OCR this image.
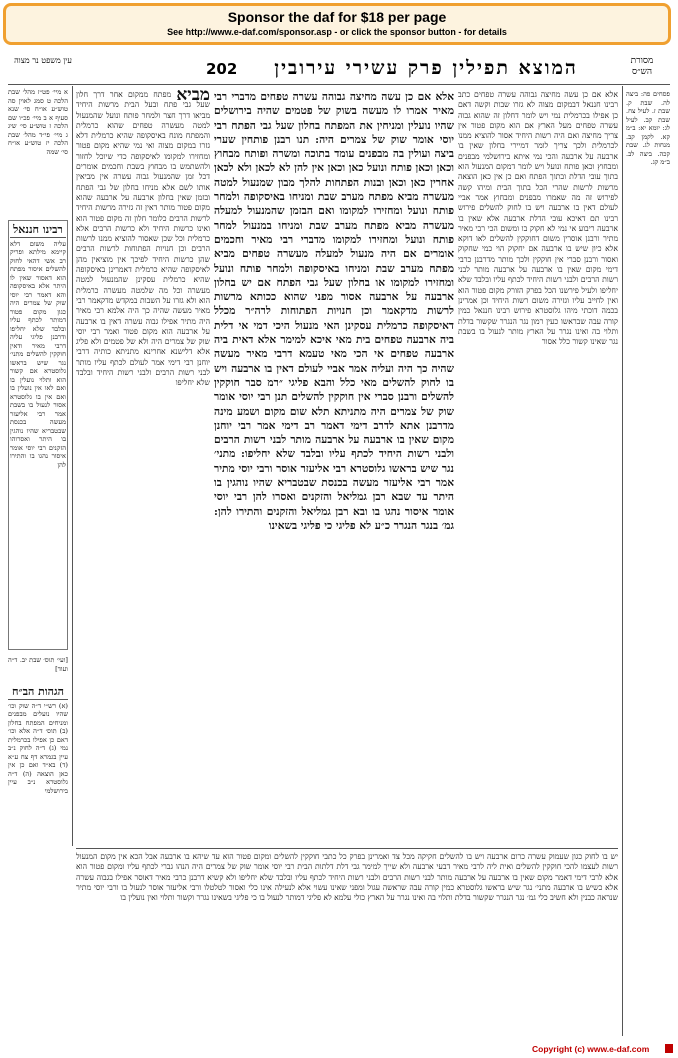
Sponsor the daf for $18 per page
See http://www.e-daf.com/sponsor.asp - or click the sponsor button - for details
עין משפט נר מצוה	202	המוצא תפילין פרק עשירי עירובין	מסורת הש״ס
א מיי׳ פט״ז מהל׳ שבת הלכה ט סמג לאוין סה טוש״ע או״ח סי׳ שנא סעיף א ב מיי׳ פכ״ו שם הלכה ז טוש״ע סי׳ שיג ג מיי׳ פי״ד מהל׳ שבת הלכה יז טוש״ע או״ח סי׳ שמה
רבינו חננאל
עליה משום דלא קיימא מילתא ופריק רב אשי דהאי לחוק להשלים איסור מפתח הוא דאסור שאין לו היתר אלא באיסקופה והא דאמר רבי יוסי שוק של צמרים היה כגון מקום פטור דמותר לכתף עליו ובלבד שלא יחליפו ודרבנן פליגי עליה דרבי מאיר ודאין חוקקין להשלים מתני׳ נגר שיש בראשו גלוסטרא אם קשור הוא ותלוי נועלין בו ואם לאו אין נועלין בו ואם אין בו גלוסטרא אסור לנעול בו בשבת אמר רבי אליעזר מעשה בכנסת שבטבריא שהיו נוהגין בו היתר ואסרוהו הזקנים רבי יוסי אומר איסור נהגו בו והתירו להן
[ועי׳ תוס׳ שבת יב. ד״ה ועוד]
הגהות הב״ח
(א) רש״י ד״ה שוק וכו׳ שהיו נועלים מבפנים ומניחים המפתח בחלון (ב) תוס׳ ד״ה אלא וכו׳ דאם כן אפילו בכרמלית נמי (ג) ד״ה לחוק נ״ב עיין בגמרא דף צח ע״א (ד) בא״ד ואם כן אין כאן הוצאה (ה) ד״ה גלוסטרא נ״ב עיין בירושלמי
פסחים פה: ביצה לה. שבת ק. שבת ז. לעיל צח. שבת קב. לעיל לג: יומא יא: ב״מ קא. לקמן קב. מנחות לג. שבת קכה. ביצה לב. ב״מ קג.
מביא מפתח ממקום אחר דרך חלון שעל גבי פתח ובעל הבית מרשות היחיד מביאו דרך חצר ולמחר פותח ונועל שהמנעול למטה מעשרה טפחים שהוא כרמלית והמפתח מונח באיסקופה שהיא כרמלית דלא גזרו במקום מצוה ואי נמי שהיא מקום פטור ומחזירו למקומו לאיסקופה כדי שיוכל לחזור ולהשתמש בו מבחוץ בשבת וחכמים אומרים דכל זמן שהמנעול גבוה עשרה אין מביאין אותו לשם אלא מניחו בחלון של גבי הפתח ובזמן שאין בחלון ארבעה על ארבעה שהוא מקום פטור מותר דאין זה גזירה מרשות היחיד לרשות הרבים כלומר חלון זה מקום פטור הוא ואינו כרשות היחיד ולא כרשות הרבים אלא כרמלית וכל שכן שאסור להוציא ממנו לרשות הרבים וכן חנויות הפתוחות לרשות הרבים שהן כרשות היחיד לפיכך אין מוציאין מהן לאיסקופה שהיא כרמלית דאמרינן באיסקופה שהיא כרמלית עסקינן שהמנעול למטה מעשרה וכל מה שלמטה מעשרה כרמלית הוא ולא גזרו על השבות במקדש מדקאמר רבי מאיר מעשה שהיה כך היה אלמא רבי מאיר היה מתיר אפילו גבוה עשרה דאין בו ארבעה על ארבעה הוא מקום פטור ואמר רבי יוסי שוק של צמרים היה ולא של פטמים ולא פליג אלא דלישנא אחרינא מתניתא כותיה דרבי יוחנן רבי דימי אמר לעולם לכתף עליו מותר לבני רשות הרבים ולבני רשות היחיד ובלבד שלא יחליפו
אלא אם כן עשה מחיצה גבוהה עשרה טפחים מדברי רבי מאיר אמרו לו מעשה בשוק של פטמים שהיה בירושלים שהיו נועלין ומניחין את המפתח בחלון שעל גבי הפתח רבי יוסי אומר שוק של צמרים היה: תנו רבנן פותחין שערי ביצה ועולין בה מבפנים עומד בתוכה ומשרה ופותח מבחוץ וכאן וכאן פותח ונועל כאן וכאן אין להן לא לכאן ולא לכאן אחרין כאן וכאן ובנות הפתחות להלך מבון שמנעול למטה מעשרה מביא מפתח מערב שבת ומניחו באיסקופה ולמחר פותח ונועל ומחזירו למקומו ואם הבזמן שהמנעול למעלה מעשרה מביא מפתח מערב שבת ומניחו במנעול למחר פותח ונועל ומחזירו למקומו מדברי רבי מאיר וחכמים אומרים אם היה מנעול למעלה מעשרה טפחים מביא מפתח מערב שבת ומניחו באיסקופה ולמחר פותח ונועל ומחזירו למקומו או בחלון שעל גבי הפתח אם יש בחלון ארבעה על ארבעה אסור מפני שהוא ככותא מרשות לרשות מדקאמר וכן חנויות הפתוחות לרה״ר מכלל דאיסקופה כרמלית עסקינן האי מנעול היכי דמי אי דלית ביה ארבעה טפחים בית מאי איכא למימר אלא דאית ביה ארבעה טפחים אי הכי מאי טעמא דרבי מאיר מעשה שהיה כך היה ועליה אמר אביי לעולם דאין בו ארבעה ויש בו לחוק להשלים מאי כלל והבא פליגי ״רמ סבר חוקקין להשלים ורבנן סברי אין חוקקין להשלים תנן רבי יוסי אומר שוק של צמרים היה מתניתא תלא שום מקום ושמע מינה מדרבנן אתא לדרב דימי דאמר רב דימי אמר רבי יוחנן מקום שאין בו ארבעה על ארבעה מותר לבני רשות הרבים ולבני רשות היחיד לכתף עליו ובלבד שלא יחליפו: מתני׳ נגר שיש בראשו גלוסטרא רבי אליעזר אוסר ורבי יוסי מתיר אמר רבי אליעזר מעשה בכנסת שבטבריא שהיו נוהגין בו היתר עד שבא רבן גמליאל והזקנים ואסרו להן רבי יוסי אומר איסור נהגו בו ובא רבן גמליאל והזקנים והתירו להן: גמ׳ בנגר הנגרר כ״ע לא פליגי כי פליגי בשאינו
אלא אם כן עשה מחיצה גבוהה עשרה טפחים כתב רבינו חננאל דבמקום מצוה לא גזרו שבות וקשה דאם כן אפילו בכרמלית נמי ויש לומר דחלון זה שהוא גבוה עשרה טפחים מעל הארץ אם הוא מקום פטור אין צריך מחיצה ואם היה רשות היחיד אסור להוציא ממנו לכרמלית ולכך צריך לומר דמיירי בחלון שאין בו ארבעה על ארבעה והכי נמי איתא בירושלמי מבפנים ומבחוץ וכאן פותח ונועל ויש לומר דמקום המנעול הוא בתוך עובי הדלת ובתוך הפתח ואם כן אין כאן הוצאה מרשות לרשות שהרי הכל בתוך הבית ומיהו קשה לפירוש זה מה שאמרו מבפנים ומבחוץ אמר אביי לעולם דאין בו ארבעה ויש בו לחוק להשלים פירוש רבינו תם דאיכא עובי הדלת ארבעה אלא שאין בו ארבעה ריבוע אי נמי לא חקוק בו ומשום הכי רבי מאיר מתיר ורבנן אוסרין משום דחוקקין להשלים לאו דוקא אלא כיון שיש בו ארבעה אם יחקוק הוי כמי שחקוק ואסור ורבנן סברי אין חוקקין ולכך מותר מדרבנן כרבי דימי מקום שאין בו ארבעה על ארבעה מותר לבני רשות הרבים ולבני רשות היחיד לכתף עליו ובלבד שלא יחליפו ולעיל פירשנו הכל בפרק הזורק מקום פטור הוא ואין לחייב עליו וגזירה משום רשות היחיד וכן אמרינן בכמה דוכתי מיהו גלוסטרא פירוש רבינו חננאל כמין קורה עבה שבראשו כעין רמון נגר הנגרר שקשור בדלת ותלוי בה ואינו נגרר על הארץ מותר לנעול בו בשבת נגר שאינו קשור כלל אסור
יש בו לחוק כגון שעמוק עשרה כרום ארבעה ויש בו להשלים חקיקה מכל צד ואמרינן בפרק כל כתבי חוקקין להשלים ומקום פטור הוא עד שיהא בו ארבעה אבל הכא אין מקום המנעול רשות לעצמו להכי חוקקין להשלים ואית ליה לרבי מאיר דבעי ארבעה ולא שייך למימר גבי דלת דלתות הבית רבי יוסי אומר שוק של צמרים היה הנהו גברי לכתף עליו ומקום פטור הוא אלא לרבי דימי דאמר מקום שאין בו ארבעה על ארבעה מותר לבני רשות הרבים ולבני רשות היחיד לכתף עליו ובלבד שלא יחליפו ולא קשיא דרבנן כרבי מאיר דאוסר אפילו בגבוה עשרה אלא כשיש בו ארבעה מתני׳ נגר שיש בראשו גלוסטרא כמין קורה עבה שראשה עגול ומפני שאינו עשוי אלא לנעילה אינו כלי ואסור לטלטלו ורבי אליעזר אוסר לנעול בו ורבי יוסי מתיר שנראה כבנין ולא חשיב כלי גמ׳ נגר הנגרר שקשור בדלת ותלוי בה ואינו נגרר על הארץ כולי עלמא לא פליגי דמותר לנעול בו כי פליגי בשאינו נגרר וקשור ותלוי ואין נועלין בו
Copyright (c) www.e-daf.com
